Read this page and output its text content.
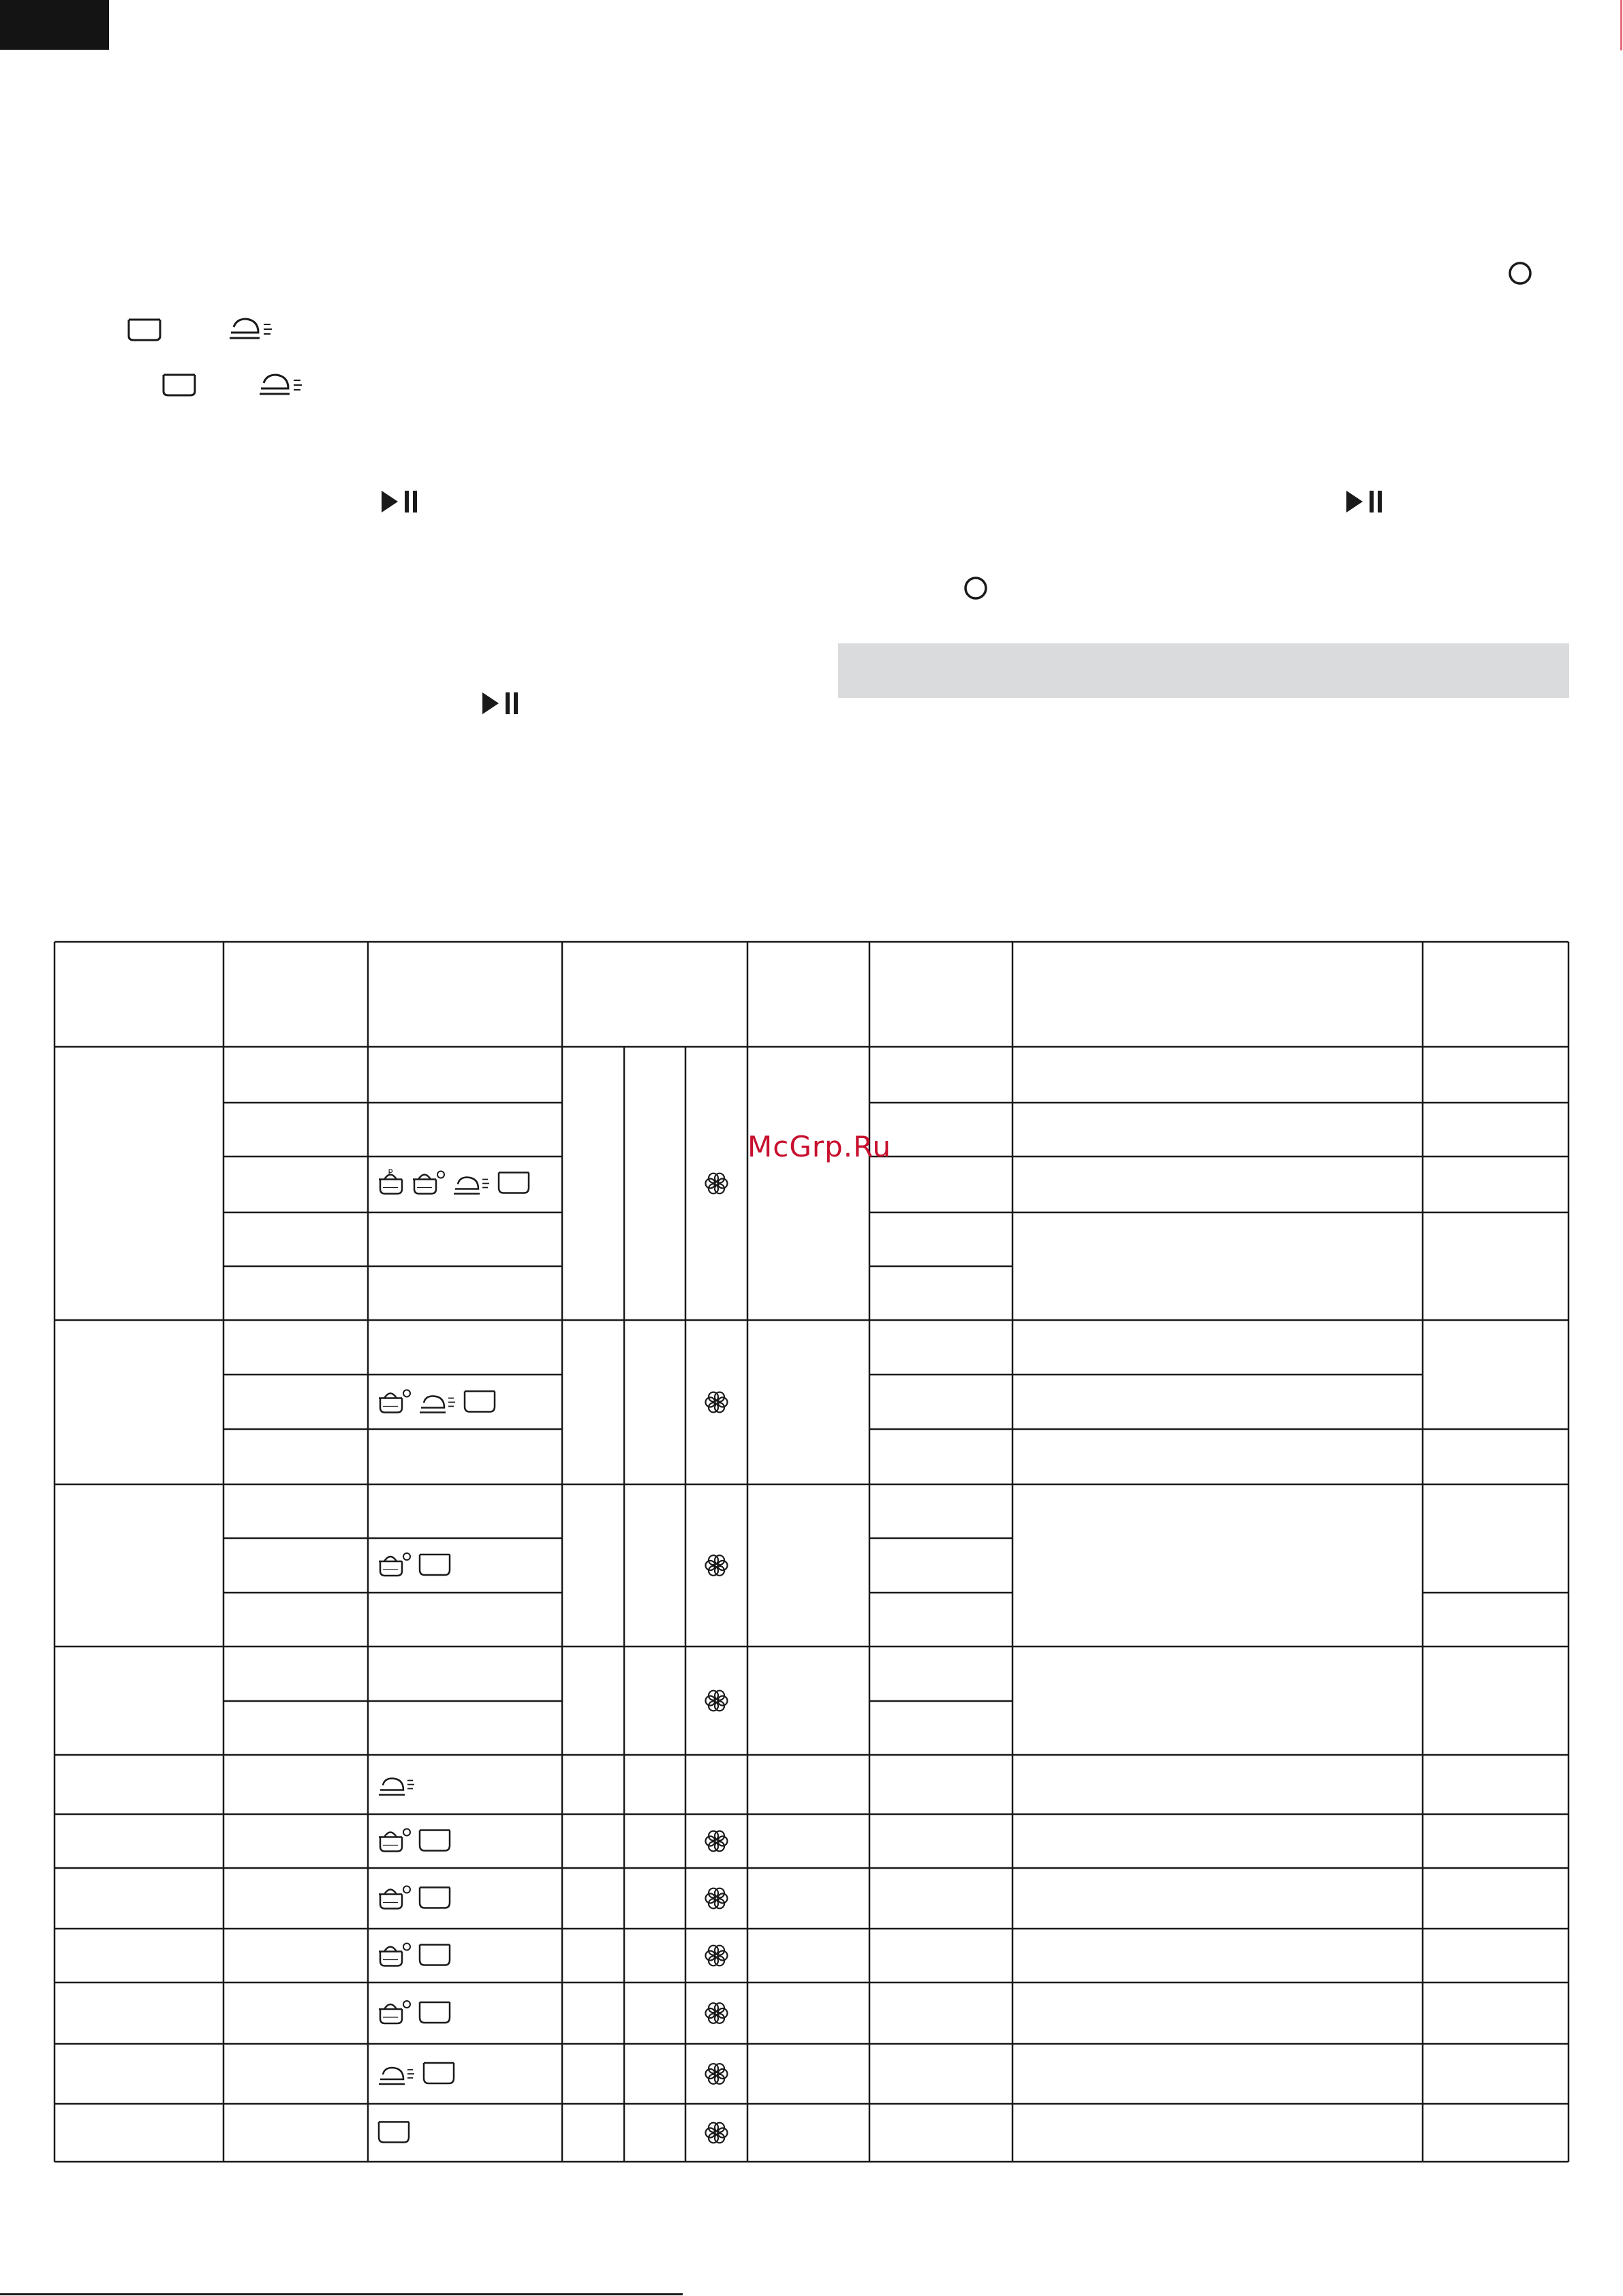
P
McGrp.Ru
